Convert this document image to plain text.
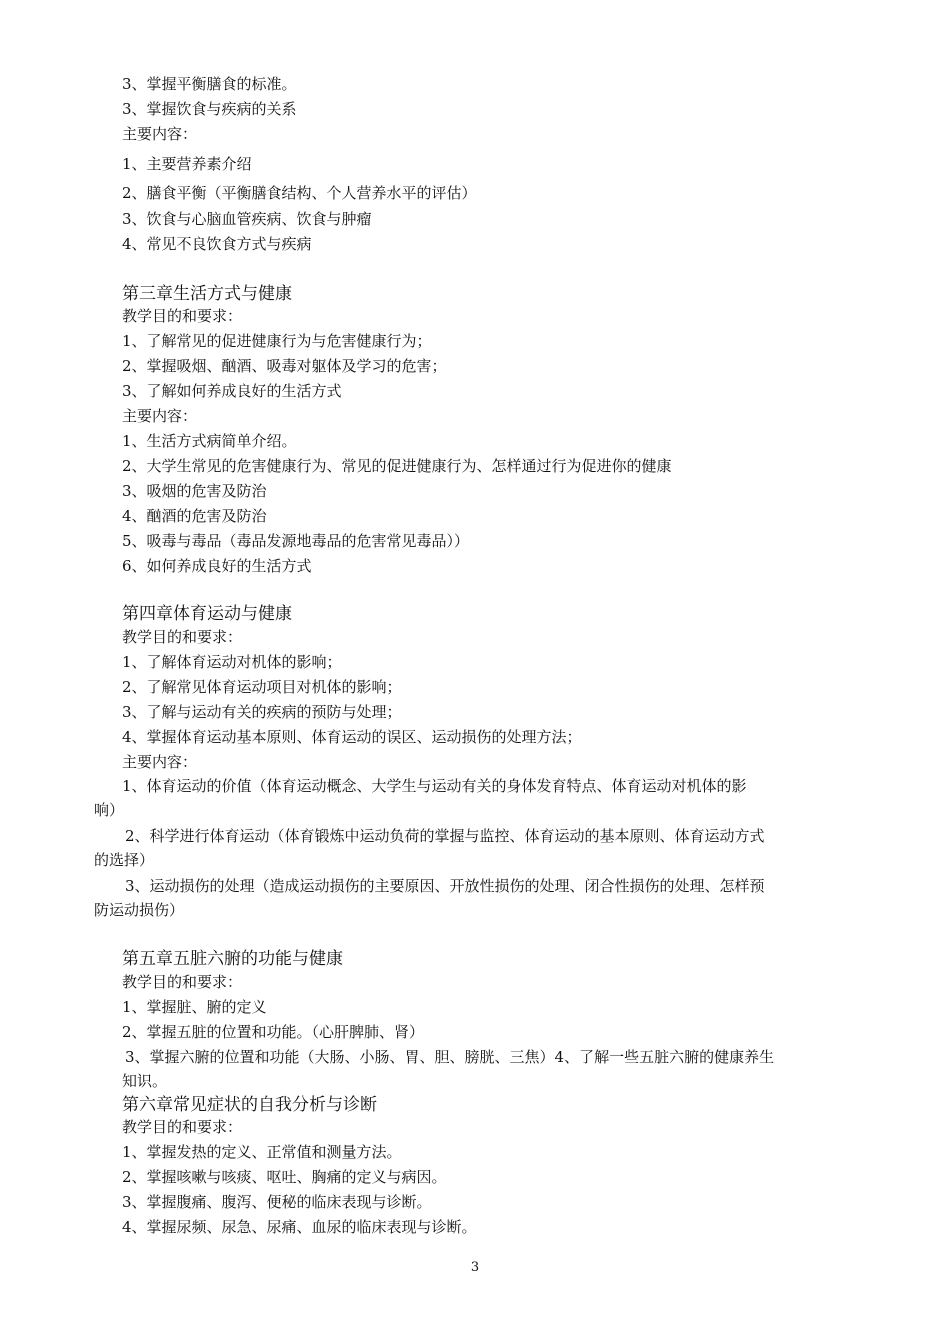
3、掌握平衡膳食的标准。
3、掌握饮食与疾病的关系
主要内容：
1、主要营养素介绍
2、膳食平衡（平衡膳食结构、个人营养水平的评估）
3、饮食与心脑血管疾病、饮食与肿瘤
4、常见不良饮食方式与疾病
第三章生活方式与健康
教学目的和要求：
1、了解常见的促进健康行为与危害健康行为；
2、掌握吸烟、酗酒、吸毒对躯体及学习的危害；
3、了解如何养成良好的生活方式
主要内容：
1、生活方式病简单介绍。
2、大学生常见的危害健康行为、常见的促进健康行为、怎样通过行为促进你的健康
3、吸烟的危害及防治
4、酗酒的危害及防治
5、吸毒与毒品（毒品发源地毒品的危害常见毒品））
6、如何养成良好的生活方式
第四章体育运动与健康
教学目的和要求：
1、了解体育运动对机体的影响；
2、了解常见体育运动项目对机体的影响；
3、了解与运动有关的疾病的预防与处理；
4、掌握体育运动基本原则、体育运动的误区、运动损伤的处理方法；
主要内容：
1、体育运动的价值（体育运动概念、大学生与运动有关的身体发育特点、体育运动对机体的影
响）
2、科学进行体育运动（体育锻炼中运动负荷的掌握与监控、体育运动的基本原则、体育运动方式
的选择）
3、运动损伤的处理（造成运动损伤的主要原因、开放性损伤的处理、闭合性损伤的处理、怎样预
防运动损伤）
第五章五脏六腑的功能与健康
教学目的和要求：
1、掌握脏、腑的定义
2、掌握五脏的位置和功能。（心肝脾肺、肾）
3、掌握六腑的位置和功能（大肠、小肠、胃、胆、膀胱、三焦）4、了解一些五脏六腑的健康养生
知识。
第六章常见症状的自我分析与诊断
教学目的和要求：
1、掌握发热的定义、正常值和测量方法。
2、掌握咳嗽与咳痰、呕吐、胸痛的定义与病因。
3、掌握腹痛、腹泻、便秘的临床表现与诊断。
4、掌握尿频、尿急、尿痛、血尿的临床表现与诊断。
3
